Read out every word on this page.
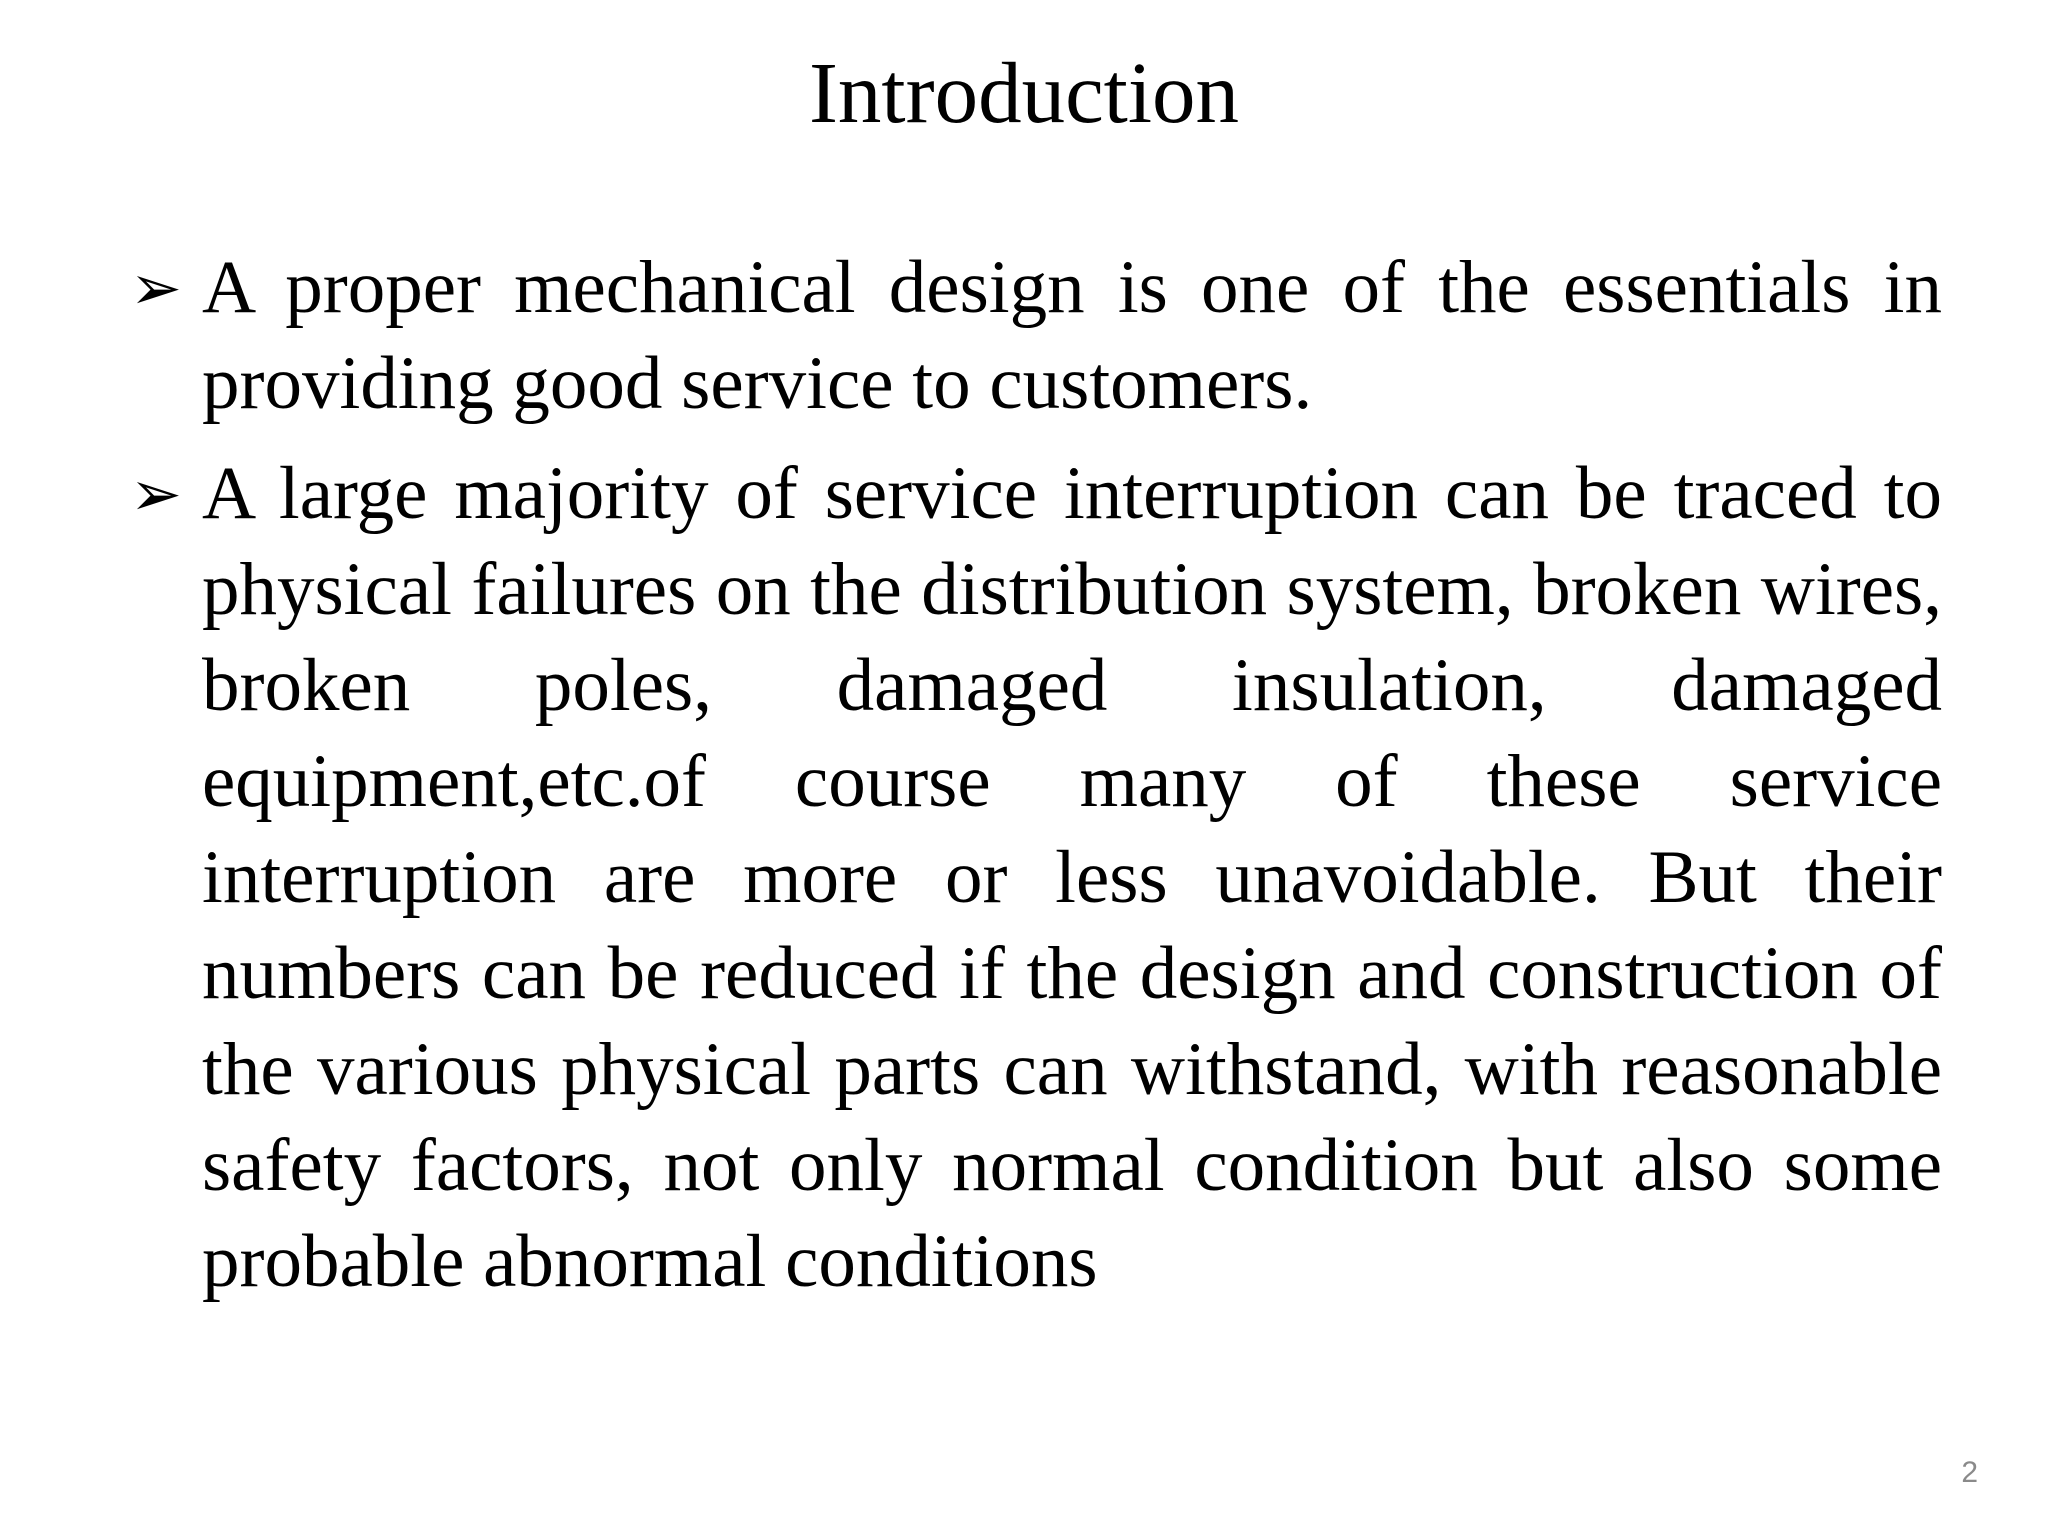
Introduction
➢ A proper mechanical design is one of the essentials in providing good service to customers.
➢ A large majority of service interruption can be traced to physical failures on the distribution system, broken wires, broken poles, damaged insulation, damaged equipment,etc.of course many of these service interruption are more or less unavoidable. But their numbers can be reduced if the design and construction of the various physical parts can withstand, with reasonable safety factors, not only normal condition but also some probable abnormal conditions
2
